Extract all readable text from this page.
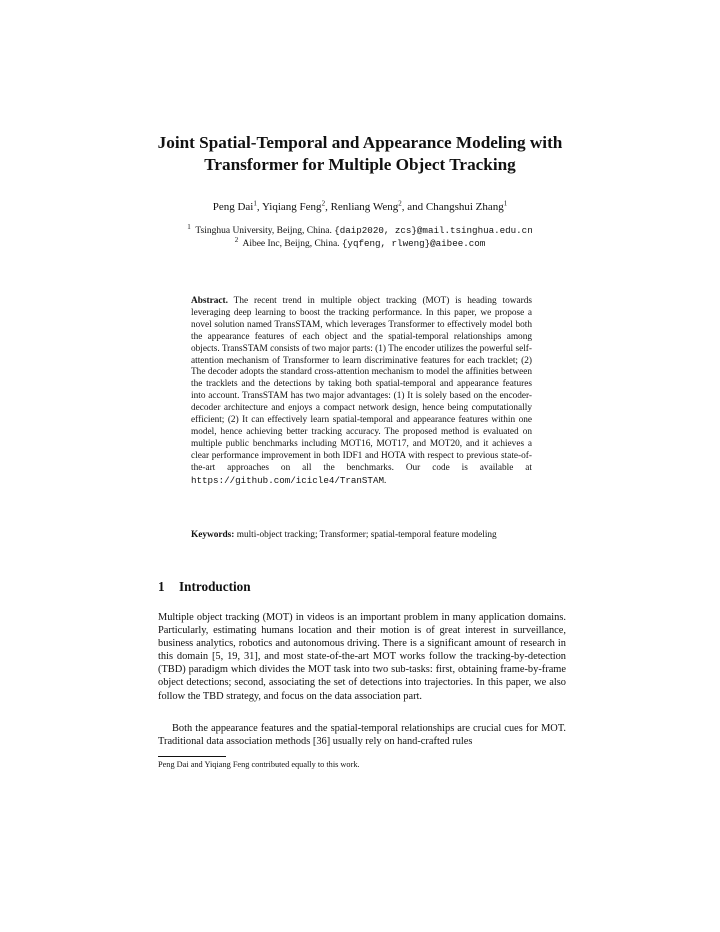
Joint Spatial-Temporal and Appearance Modeling with
Transformer for Multiple Object Tracking
Peng Dai$^1$, Yiqiang Feng$^2$, Renliang Weng$^2$, and Changshui Zhang$^1$
$^1$ Tsinghua University, Beijng, China. {daip2020, zcs}@mail.tsinghua.edu.cn
$^2$ Aibee Inc, Beijng, China. {yqfeng, rlweng}@aibee.com
Abstract. The recent trend in multiple object tracking (MOT) is heading towards leveraging deep learning to boost the tracking performance. In this paper, we propose a novel solution named TransSTAM, which leverages Transformer to effectively model both the appearance features of each object and the spatial-temporal relationships among objects. TransSTAM consists of two major parts: (1) The encoder utilizes the powerful self-attention mechanism of Transformer to learn discriminative features for each tracklet; (2) The decoder adopts the standard cross-attention mechanism to model the affinities between the tracklets and the detections by taking both spatial-temporal and appearance features into account. TransSTAM has two major advantages: (1) It is solely based on the encoder-decoder architecture and enjoys a compact network design, hence being computationally efficient; (2) It can effectively learn spatial-temporal and appearance features within one model, hence achieving better tracking accuracy. The proposed method is evaluated on multiple public benchmarks including MOT16, MOT17, and MOT20, and it achieves a clear performance improvement in both IDF1 and HOTA with respect to previous state-of-the-art approaches on all the benchmarks. Our code is available at https://github.com/icicle4/TranSTAM.
Keywords: multi-object tracking; Transformer; spatial-temporal feature modeling
1 Introduction
Multiple object tracking (MOT) in videos is an important problem in many application domains. Particularly, estimating humans location and their motion is of great interest in surveillance, business analytics, robotics and autonomous driving. There is a significant amount of research in this domain [5, 19, 31], and most state-of-the-art MOT works follow the tracking-by-detection (TBD) paradigm which divides the MOT task into two sub-tasks: first, obtaining frame-by-frame object detections; second, associating the set of detections into trajectories. In this paper, we also follow the TBD strategy, and focus on the data association part.
Both the appearance features and the spatial-temporal relationships are crucial cues for MOT. Traditional data association methods [36] usually rely on hand-crafted rules
Peng Dai and Yiqiang Feng contributed equally to this work.
